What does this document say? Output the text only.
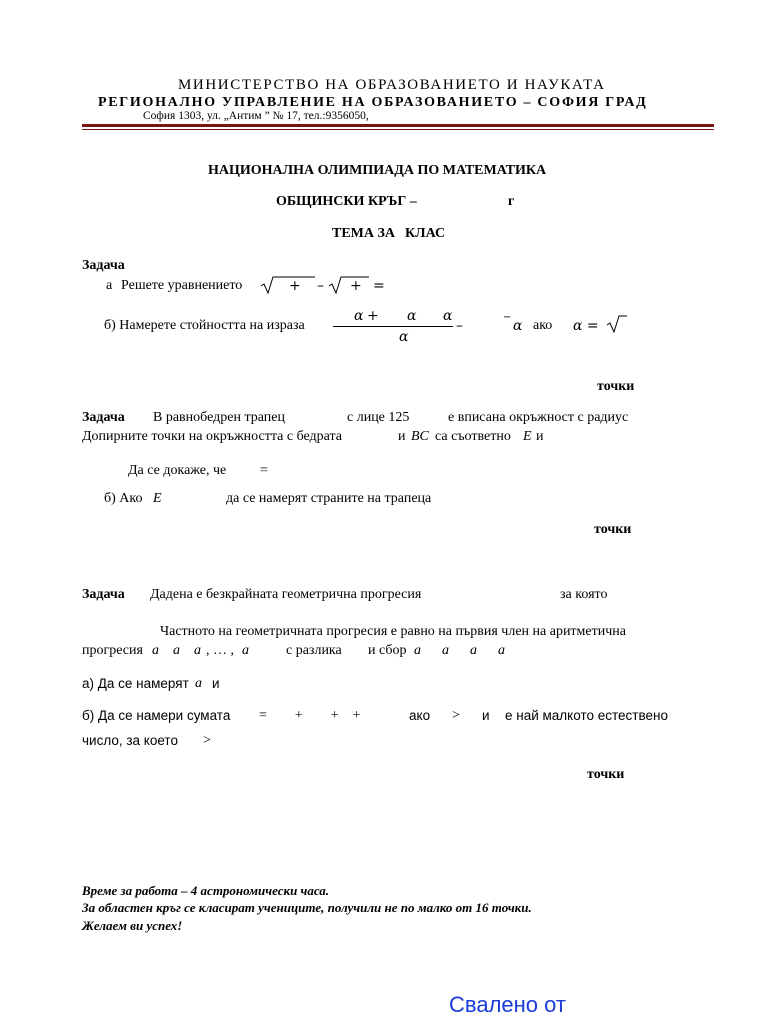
МИНИСТЕРСТВО НА ОБРАЗОВАНИЕТО И НАУКАТА
РЕГИОНАЛНО УПРАВЛЕНИЕ НА ОБРАЗОВАНИЕТО – СОФИЯ ГРАД
София 1303, ул. „Антим ” № 17, тел.:9356050,
НАЦИОНАЛНА ОЛИМПИАДА ПО МАТЕМАТИКА
ОБЩИНСКИ КРЪГ –	г
ТЕМА ЗА КЛАС
Задача
а Решете уравнението	+ – + =
б) Намерете стойността на израза
α + α α
α
–
−
α ако α =
точки
Задача В равнобедрен трапец	с лице 125	е вписана окръжност с радиус
Допирните точки на окръжността с бедрата	и BC са съответно E и
Да се докаже, че =
б) Ако E	да се намерят страните на трапеца
точки
Задача Дадена е безкрайната геометрична прогресия	за която
Частното на геометричната прогресия е равно на първия член на аритметична
прогресия a    a    a , … , a	с разлика и сбор a      a      a      a
а) Да се намерят a и
б) Да се намери сумата =        +        +    +	ако > и е най малкото естествено
число, за което >
точки
Време за работа – 4 астрономически часа.
За областен кръг се класират учениците, получили не по малко от 16 точки.
Желаем ви успех!
Свалено от
